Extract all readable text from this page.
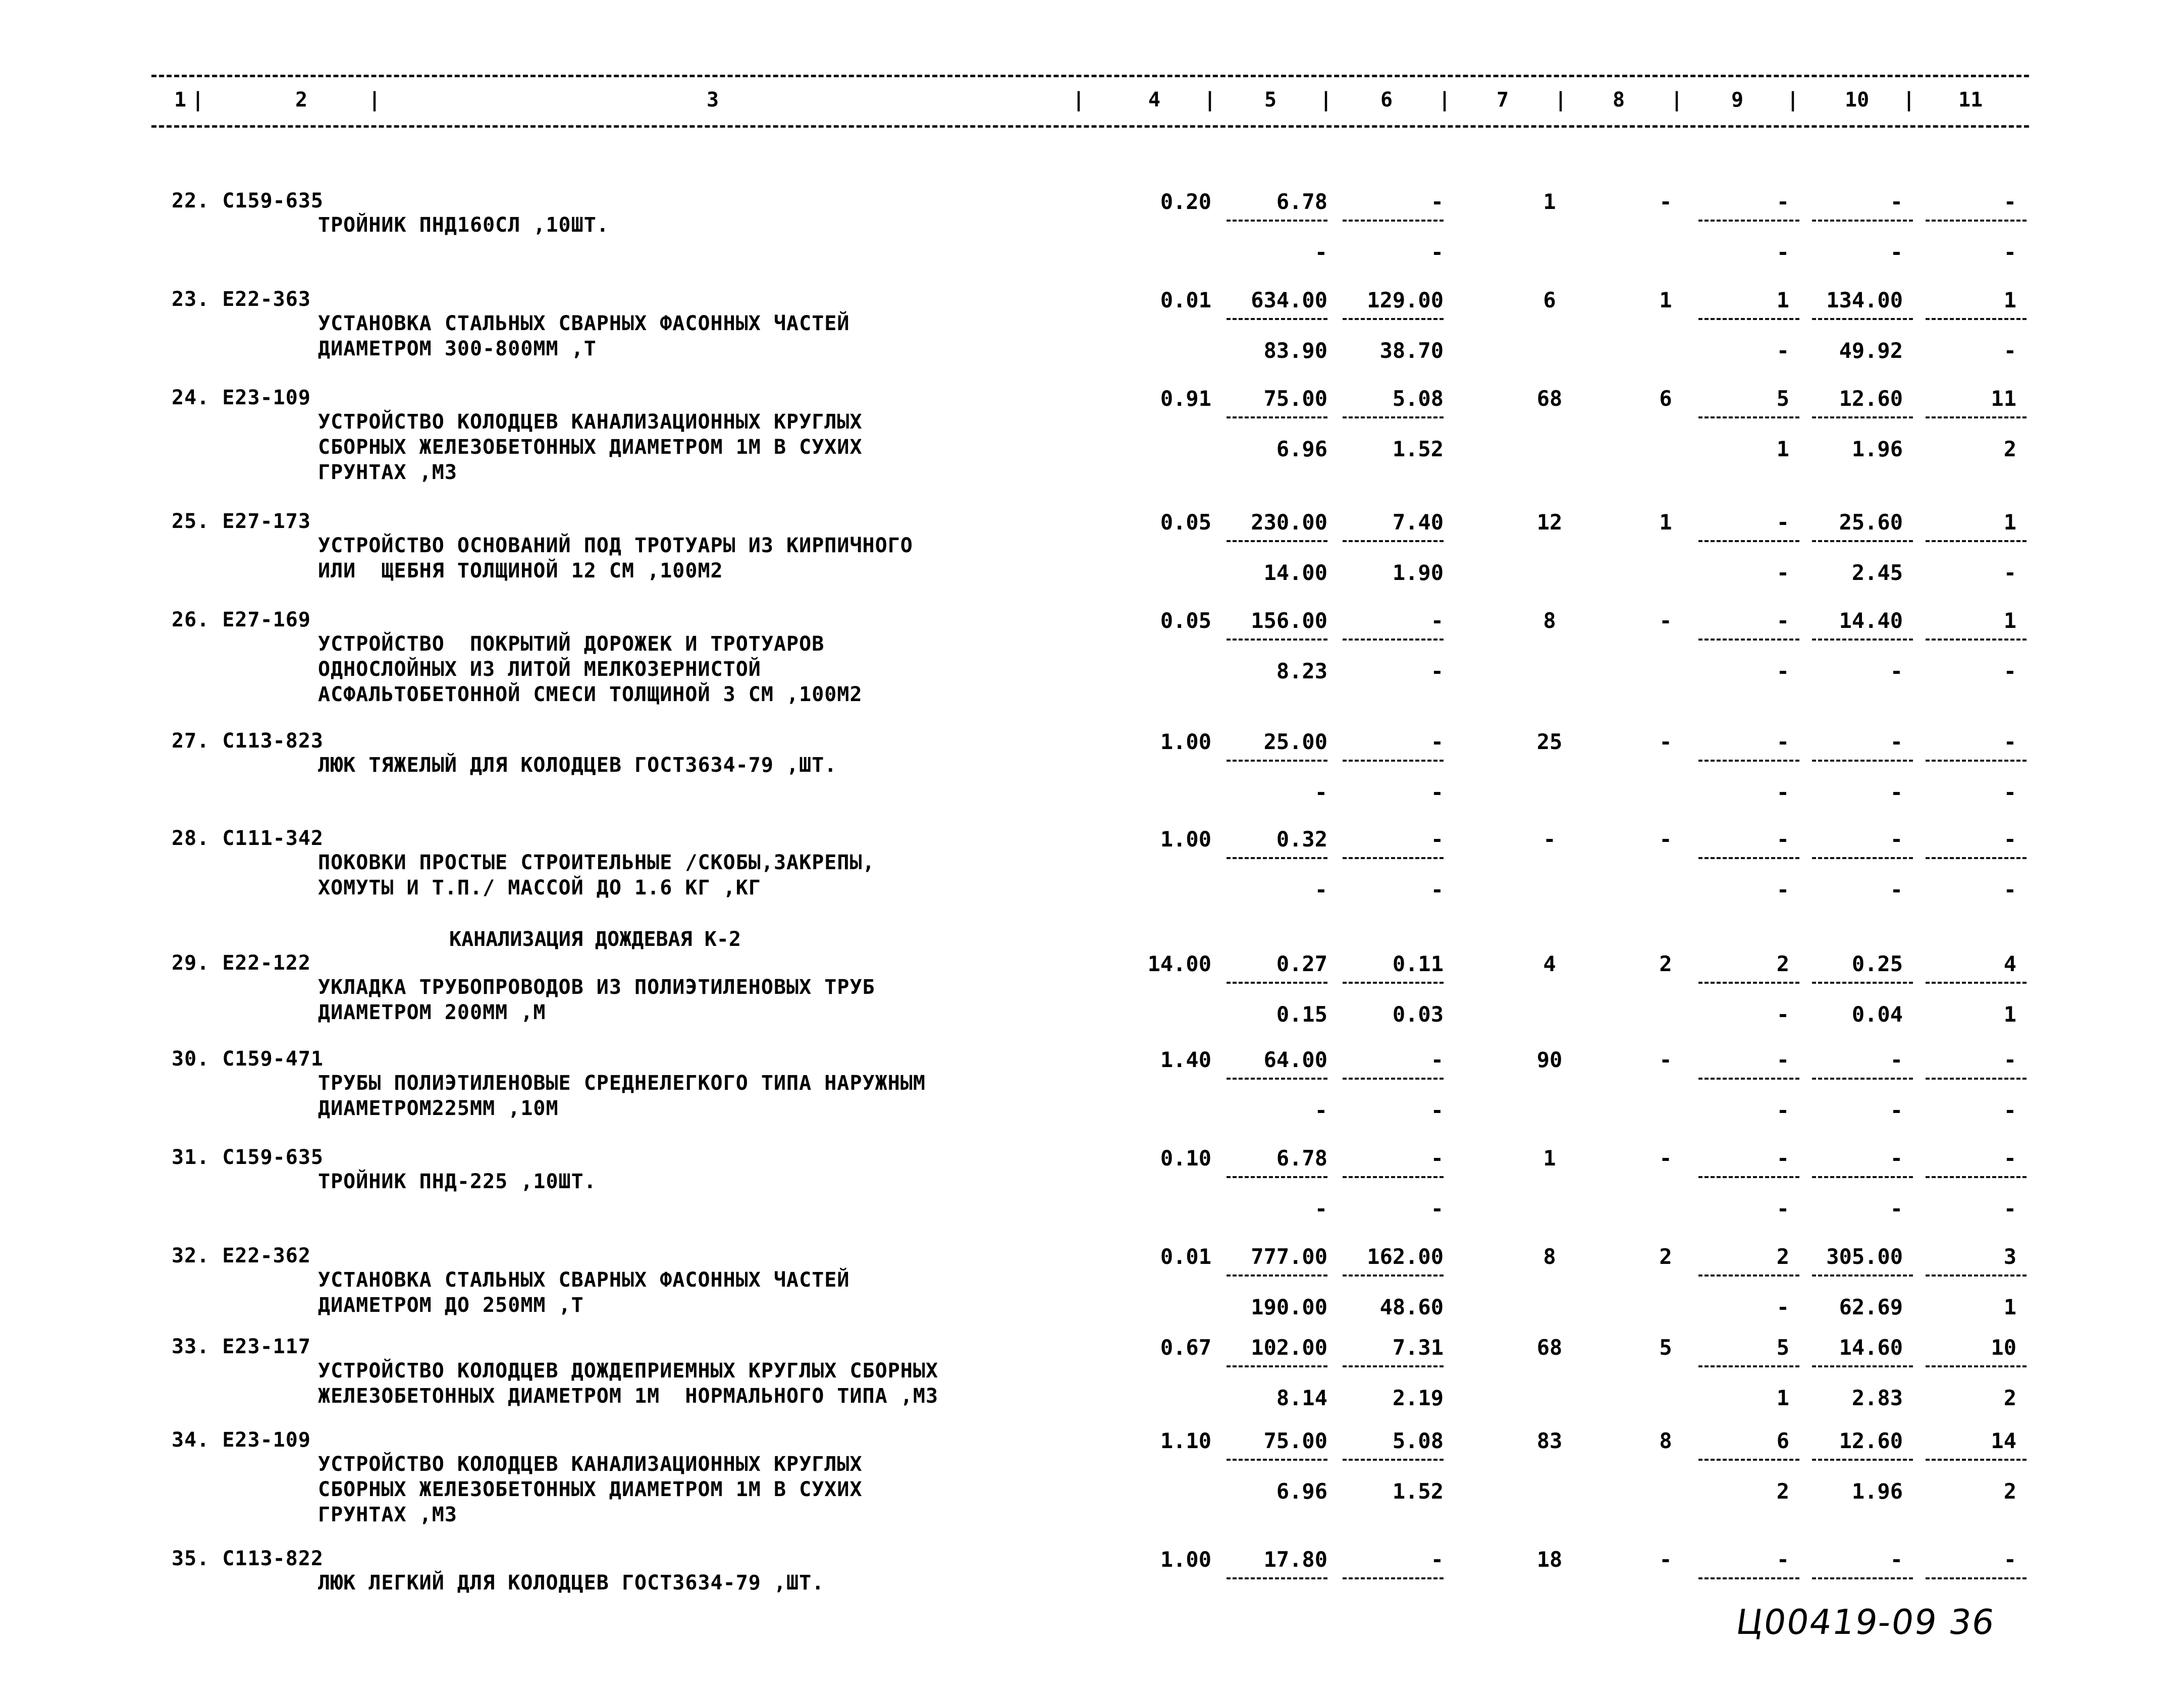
1	2	3	4	5	6	7	8	9	10	11
|	|	|	|	|	|	|	|	|	|
22. С159-635
ТРОЙНИК ПНД160СЛ ,10ШТ.
0.20	6.78	-	1	-	-	-	-
-	-	-	-	-
23. Е22-363
УСТАНОВКА СТАЛЬНЫХ СВАРНЫХ ФАСОННЫХ ЧАСТЕЙ
ДИАМЕТРОМ 300-800ММ ,Т
0.01	634.00	129.00	6	1	1	134.00	1
83.90	38.70	-	49.92	-
24. Е23-109
УСТРОЙСТВО КОЛОДЦЕВ КАНАЛИЗАЦИОННЫХ КРУГЛЫХ
СБОРНЫХ ЖЕЛЕЗОБЕТОННЫХ ДИАМЕТРОМ 1М В СУХИХ
ГРУНТАХ ,М3
0.91	75.00	5.08	68	6	5	12.60	11
6.96	1.52	1	1.96	2
25. Е27-173
УСТРОЙСТВО ОСНОВАНИЙ ПОД ТРОТУАРЫ ИЗ КИРПИЧНОГО
ИЛИ  ЩЕБНЯ ТОЛЩИНОЙ 12 СМ ,100М2
0.05	230.00	7.40	12	1	-	25.60	1
14.00	1.90	-	2.45	-
26. Е27-169
УСТРОЙСТВО  ПОКРЫТИЙ ДОРОЖЕК И ТРОТУАРОВ
ОДНОСЛОЙНЫХ ИЗ ЛИТОЙ МЕЛКОЗЕРНИСТОЙ
АСФАЛЬТОБЕТОННОЙ СМЕСИ ТОЛЩИНОЙ 3 СМ ,100М2
0.05	156.00	-	8	-	-	14.40	1
8.23	-	-	-	-
27. С113-823
ЛЮК ТЯЖЕЛЫЙ ДЛЯ КОЛОДЦЕВ ГОСТ3634-79 ,ШТ.
1.00	25.00	-	25	-	-	-	-
-	-	-	-	-
28. С111-342
ПОКОВКИ ПРОСТЫЕ СТРОИТЕЛЬНЫЕ /СКОБЫ,ЗАКРЕПЫ,
ХОМУТЫ И Т.П./ МАССОЙ ДО 1.6 КГ ,КГ
1.00	0.32	-	-	-	-	-	-
-	-	-	-	-
29. Е22-122
УКЛАДКА ТРУБОПРОВОДОВ ИЗ ПОЛИЭТИЛЕНОВЫХ ТРУБ
ДИАМЕТРОМ 200ММ ,М
14.00	0.27	0.11	4	2	2	0.25	4
0.15	0.03	-	0.04	1
30. С159-471
ТРУБЫ ПОЛИЭТИЛЕНОВЫЕ СРЕДНЕЛЕГКОГО ТИПА НАРУЖНЫМ
ДИАМЕТРОМ225ММ ,10М
1.40	64.00	-	90	-	-	-	-
-	-	-	-	-
31. С159-635
ТРОЙНИК ПНД-225 ,10ШТ.
0.10	6.78	-	1	-	-	-	-
-	-	-	-	-
32. Е22-362
УСТАНОВКА СТАЛЬНЫХ СВАРНЫХ ФАСОННЫХ ЧАСТЕЙ
ДИАМЕТРОМ ДО 250ММ ,Т
0.01	777.00	162.00	8	2	2	305.00	3
190.00	48.60	-	62.69	1
33. Е23-117
УСТРОЙСТВО КОЛОДЦЕВ ДОЖДЕПРИЕМНЫХ КРУГЛЫХ СБОРНЫХ
ЖЕЛЕЗОБЕТОННЫХ ДИАМЕТРОМ 1М  НОРМАЛЬНОГО ТИПА ,М3
0.67	102.00	7.31	68	5	5	14.60	10
8.14	2.19	1	2.83	2
34. Е23-109
УСТРОЙСТВО КОЛОДЦЕВ КАНАЛИЗАЦИОННЫХ КРУГЛЫХ
СБОРНЫХ ЖЕЛЕЗОБЕТОННЫХ ДИАМЕТРОМ 1М В СУХИХ
ГРУНТАХ ,М3
1.10	75.00	5.08	83	8	6	12.60	14
6.96	1.52	2	1.96	2
35. С113-822
ЛЮК ЛЕГКИЙ ДЛЯ КОЛОДЦЕВ ГОСТ3634-79 ,ШТ.
1.00	17.80	-	18	-	-	-	-
КАНАЛИЗАЦИЯ ДОЖДЕВАЯ К-2
Ц00419-09 36
